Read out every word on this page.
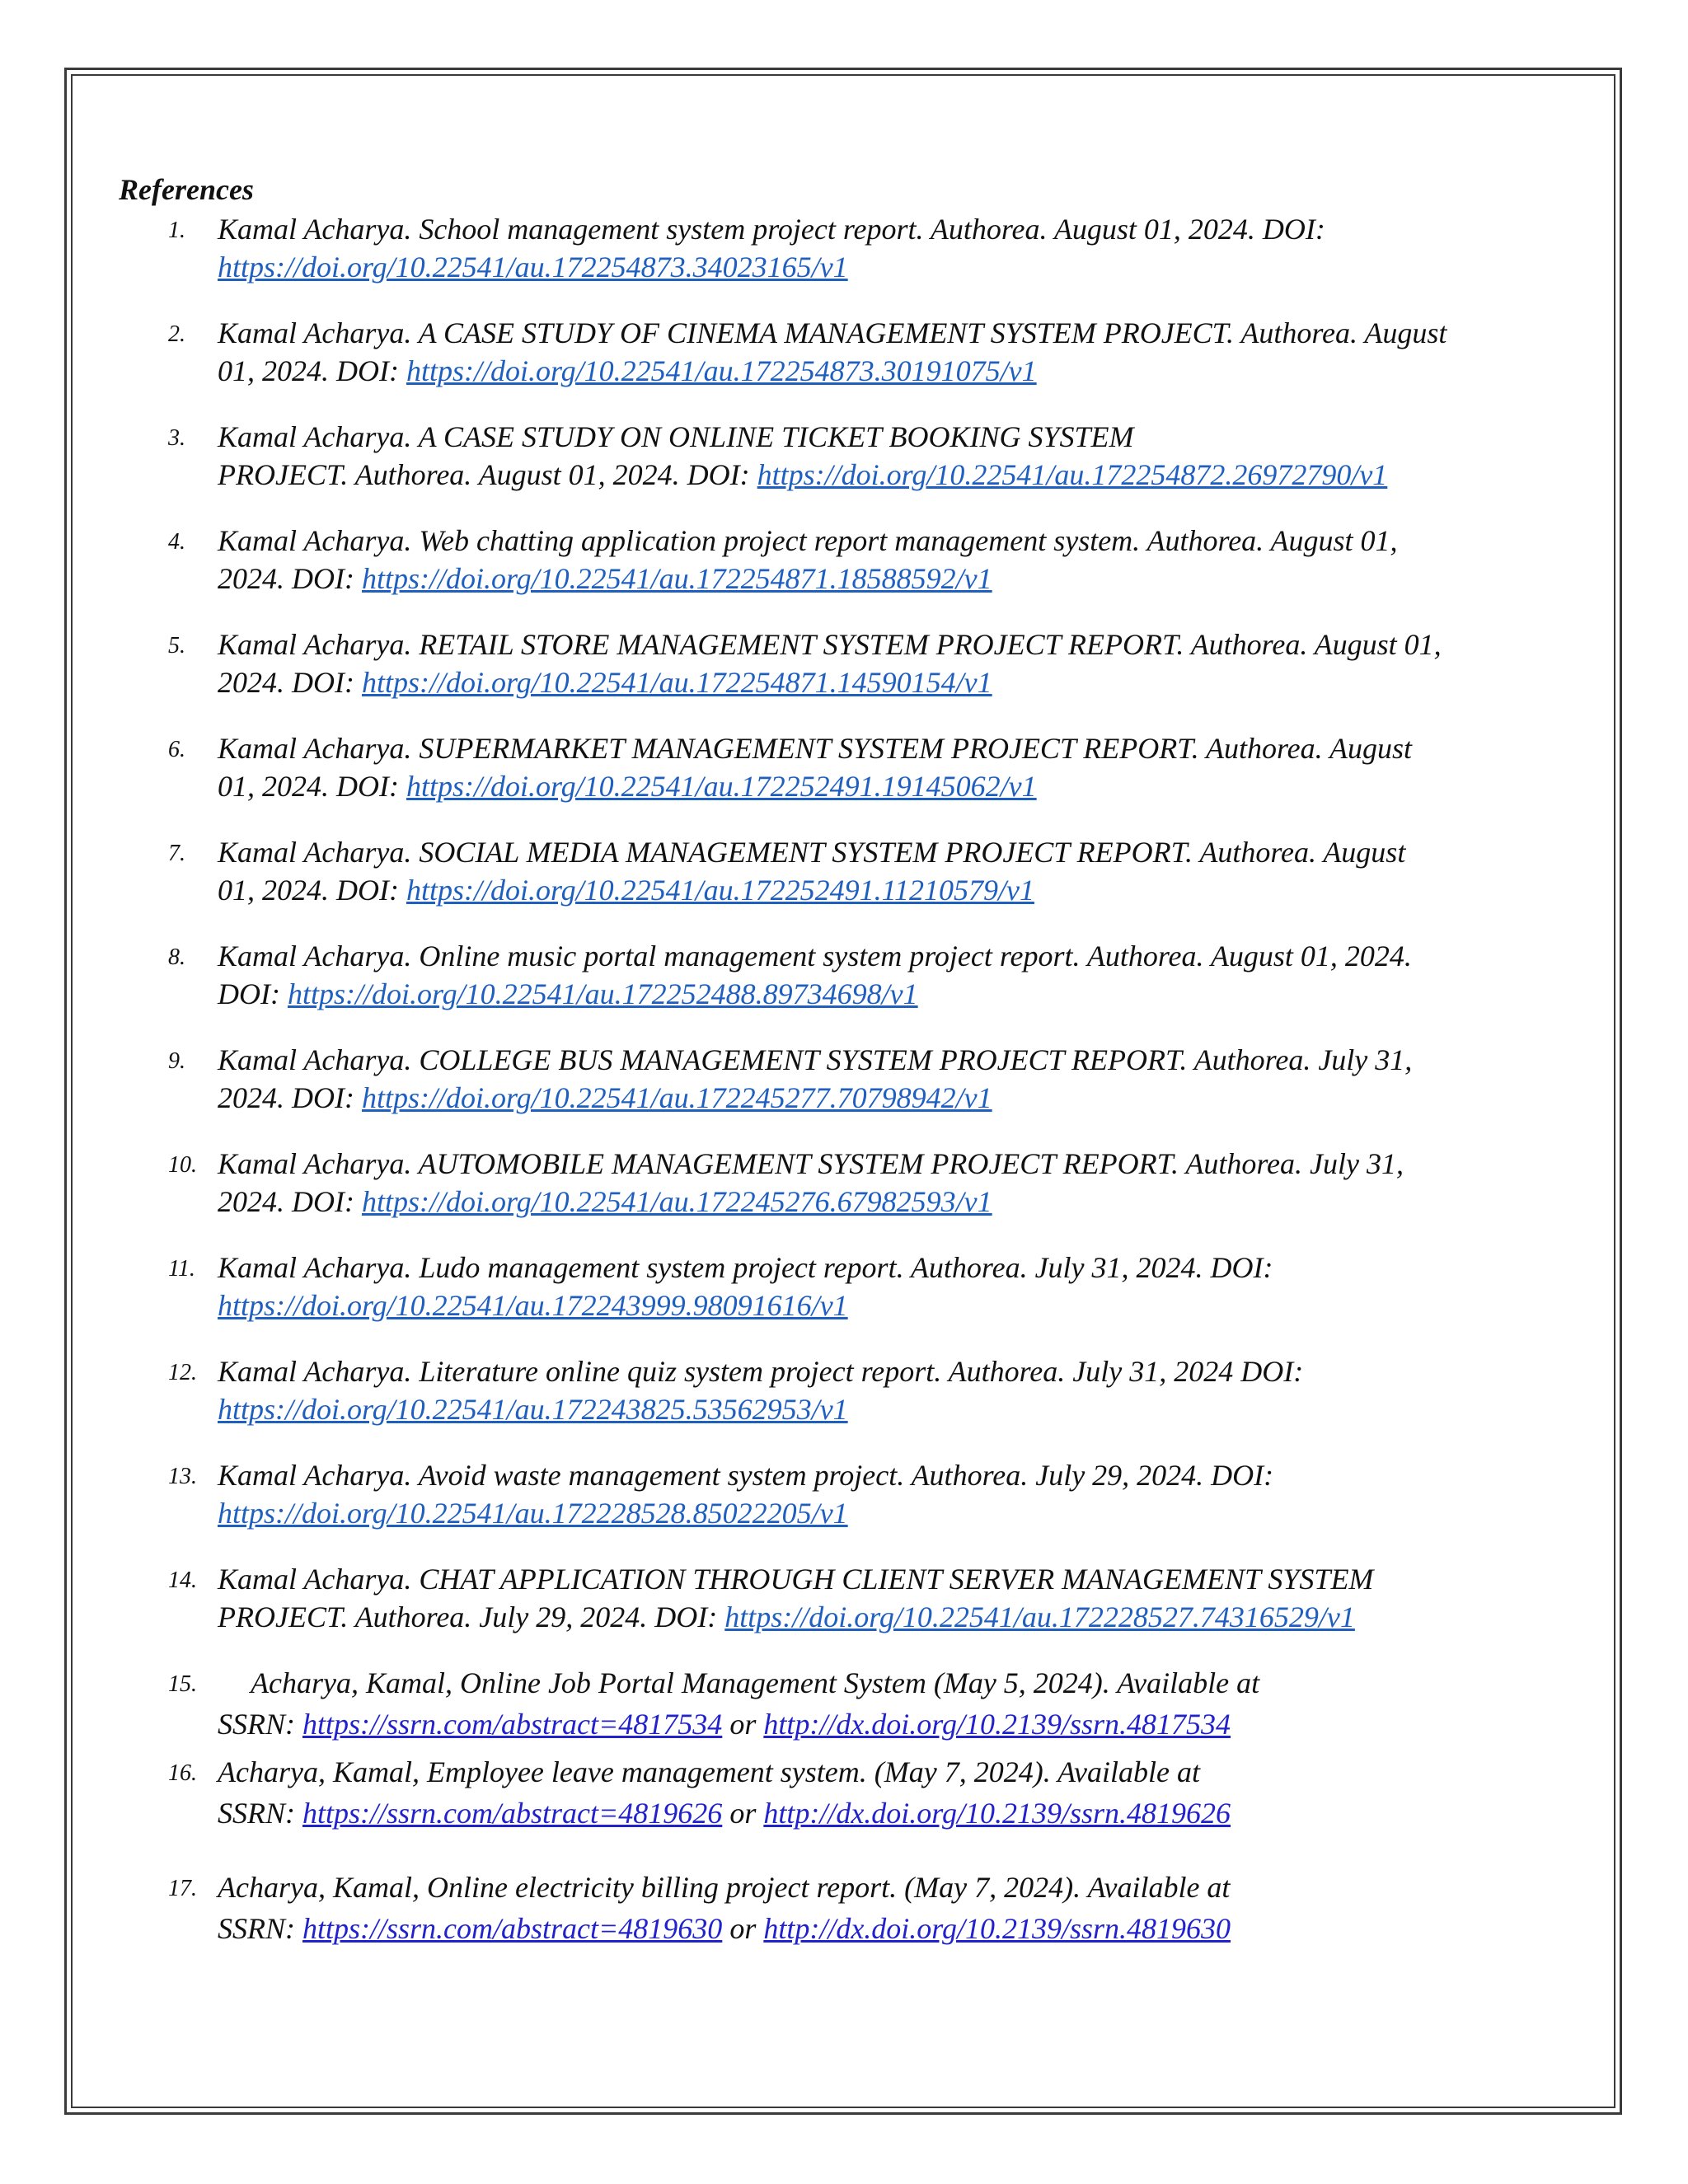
References
1. Kamal Acharya. School management system project report. Authorea. August 01, 2024. DOI:
https://doi.org/10.22541/au.172254873.34023165/v1
2. Kamal Acharya. A CASE STUDY OF CINEMA MANAGEMENT SYSTEM PROJECT. Authorea. August
01, 2024. DOI: https://doi.org/10.22541/au.172254873.30191075/v1
3. Kamal Acharya. A CASE STUDY ON ONLINE TICKET BOOKING SYSTEM
PROJECT. Authorea. August 01, 2024. DOI: https://doi.org/10.22541/au.172254872.26972790/v1
4. Kamal Acharya. Web chatting application project report management system. Authorea. August 01,
2024. DOI: https://doi.org/10.22541/au.172254871.18588592/v1
5. Kamal Acharya. RETAIL STORE MANAGEMENT SYSTEM PROJECT REPORT. Authorea. August 01,
2024. DOI: https://doi.org/10.22541/au.172254871.14590154/v1
6. Kamal Acharya. SUPERMARKET MANAGEMENT SYSTEM PROJECT REPORT. Authorea. August
01, 2024. DOI: https://doi.org/10.22541/au.172252491.19145062/v1
7. Kamal Acharya. SOCIAL MEDIA MANAGEMENT SYSTEM PROJECT REPORT. Authorea. August
01, 2024. DOI: https://doi.org/10.22541/au.172252491.11210579/v1
8. Kamal Acharya. Online music portal management system project report. Authorea. August 01, 2024.
DOI: https://doi.org/10.22541/au.172252488.89734698/v1
9. Kamal Acharya. COLLEGE BUS MANAGEMENT SYSTEM PROJECT REPORT. Authorea. July 31,
2024. DOI: https://doi.org/10.22541/au.172245277.70798942/v1
10. Kamal Acharya. AUTOMOBILE MANAGEMENT SYSTEM PROJECT REPORT. Authorea. July 31,
2024. DOI: https://doi.org/10.22541/au.172245276.67982593/v1
11. Kamal Acharya. Ludo management system project report. Authorea. July 31, 2024. DOI:
https://doi.org/10.22541/au.172243999.98091616/v1
12. Kamal Acharya. Literature online quiz system project report. Authorea. July 31, 2024 DOI:
https://doi.org/10.22541/au.172243825.53562953/v1
13. Kamal Acharya. Avoid waste management system project. Authorea. July 29, 2024. DOI:
https://doi.org/10.22541/au.172228528.85022205/v1
14. Kamal Acharya. CHAT APPLICATION THROUGH CLIENT SERVER MANAGEMENT SYSTEM
PROJECT. Authorea. July 29, 2024. DOI: https://doi.org/10.22541/au.172228527.74316529/v1
15. Acharya, Kamal, Online Job Portal Management System (May 5, 2024). Available at
SSRN: https://ssrn.com/abstract=4817534 or http://dx.doi.org/10.2139/ssrn.4817534
16. Acharya, Kamal, Employee leave management system. (May 7, 2024). Available at
SSRN: https://ssrn.com/abstract=4819626 or http://dx.doi.org/10.2139/ssrn.4819626
17. Acharya, Kamal, Online electricity billing project report. (May 7, 2024). Available at
SSRN: https://ssrn.com/abstract=4819630 or http://dx.doi.org/10.2139/ssrn.4819630
